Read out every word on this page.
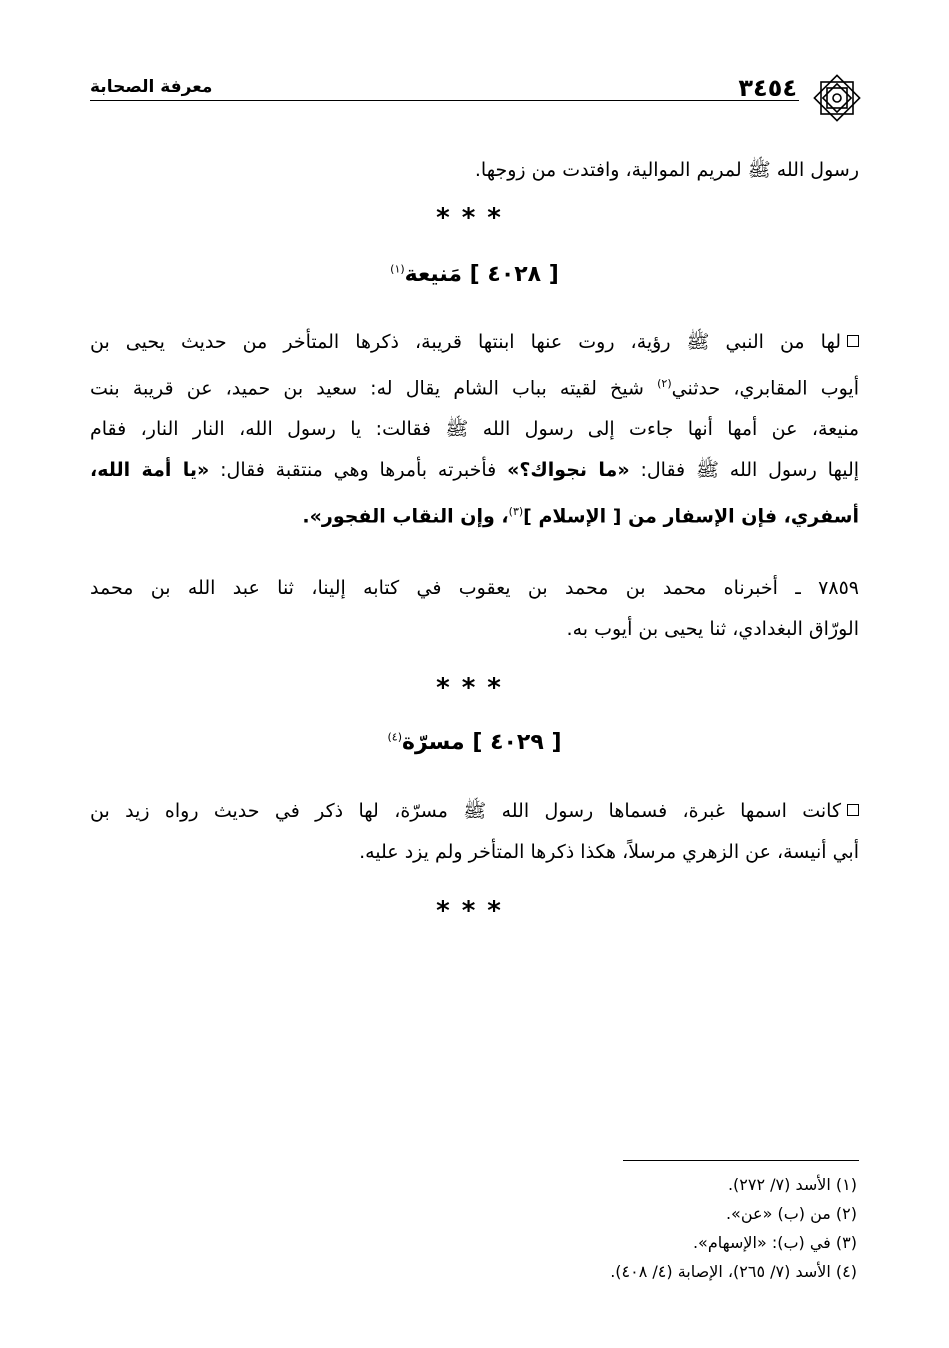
٣٤٥٤
معرفة الصحابة
رسول الله ﷺ لمريم الموالية، وافتدت من زوجها.
***
[ ٤٠٢٨ ] مَنيعة$^{(١)}$
لها من النبي ﷺ رؤية، روت عنها ابنتها قريبة، ذكرها المتأخر من حديث يحيى بن
أيوب المقابري، حدثني$^{(٢)}$ شيخ لقيته بباب الشام يقال له: سعيد بن حميد، عن قريبة بنت
منيعة، عن أمها أنها جاءت إلى رسول الله ﷺ فقالت: يا رسول الله، النار النار، فقام
إليها رسول الله ﷺ فقال: «ما نجواك؟» فأخبرته بأمرها وهي منتقبة فقال: «يا أمة الله،
أسفري، فإن الإسفار من [ الإسلام ]$^{(٣)}$، وإن النقاب الفجور».
٧٨٥٩ ـ أخبرناه محمد بن محمد بن يعقوب في كتابه إلينا، ثنا عبد الله بن محمد
الورّاق البغدادي، ثنا يحيى بن أيوب به.
***
[ ٤٠٢٩ ] مسرّة$^{(٤)}$
كانت اسمها غبرة، فسماها رسول الله ﷺ مسرّة، لها ذكر في حديث رواه زيد بن
أبي أنيسة، عن الزهري مرسلاً، هكذا ذكرها المتأخر ولم يزد عليه.
***
(١) الأسد (٧/ ٢٧٢).
(٢) من (ب) «عن».
(٣) في (ب): «الإسهام».
(٤) الأسد (٧/ ٢٦٥)، الإصابة (٤/ ٤٠٨).
